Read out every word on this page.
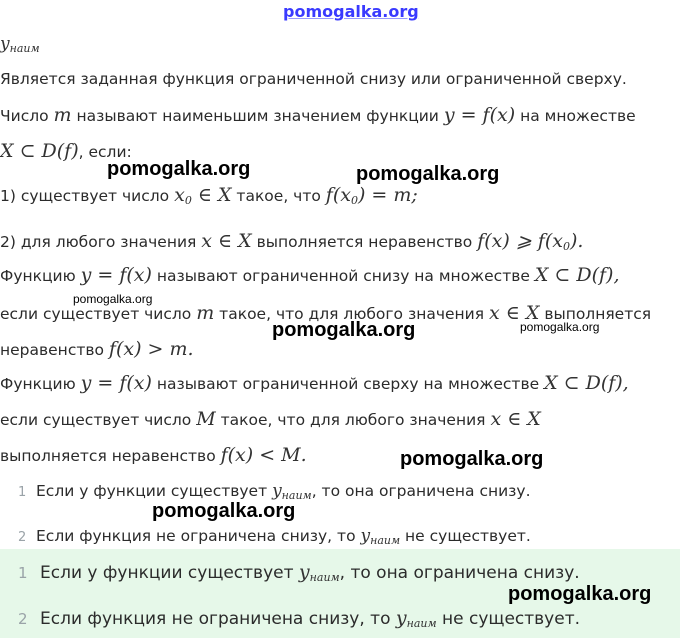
pomogalka.org
$y_{наим}$
Является заданная функция ограниченной снизу или ограниченной сверху.
Число m называют наименьшим значением функции y = f(x) на множестве
X ⊂ D(f), если:
pomogalka.org	pomogalka.org
1) существует число $x_0$ ∈ X такое, что $f(x_0) = m$;
2) для любого значения x ∈ X выполняется неравенство f(x) ⩾ $f(x_0)$.
Функцию y = f(x) называют ограниченной снизу на множестве X ⊂ D(f),
pomogalka.org
если существует число m такое, что для любого значения x ∈ X выполняется
pomogalka.org
pomogalka.org
неравенство f(x) > m.
Функцию y = f(x) называют ограниченной сверху на множестве X ⊂ D(f),
если существует число M такое, что для любого значения x ∈ X
выполняется неравенство f(x) < M.	pomogalka.org
1 Если у функции существует $y_{наим}$, то она ограничена снизу.
pomogalka.org
2 Если функция не ограничена снизу, то $y_{наим}$ не существует.
1 Если у функции существует $y_{наим}$, то она ограничена снизу.
pomogalka.org
2 Если функция не ограничена снизу, то $y_{наим}$ не существует.
